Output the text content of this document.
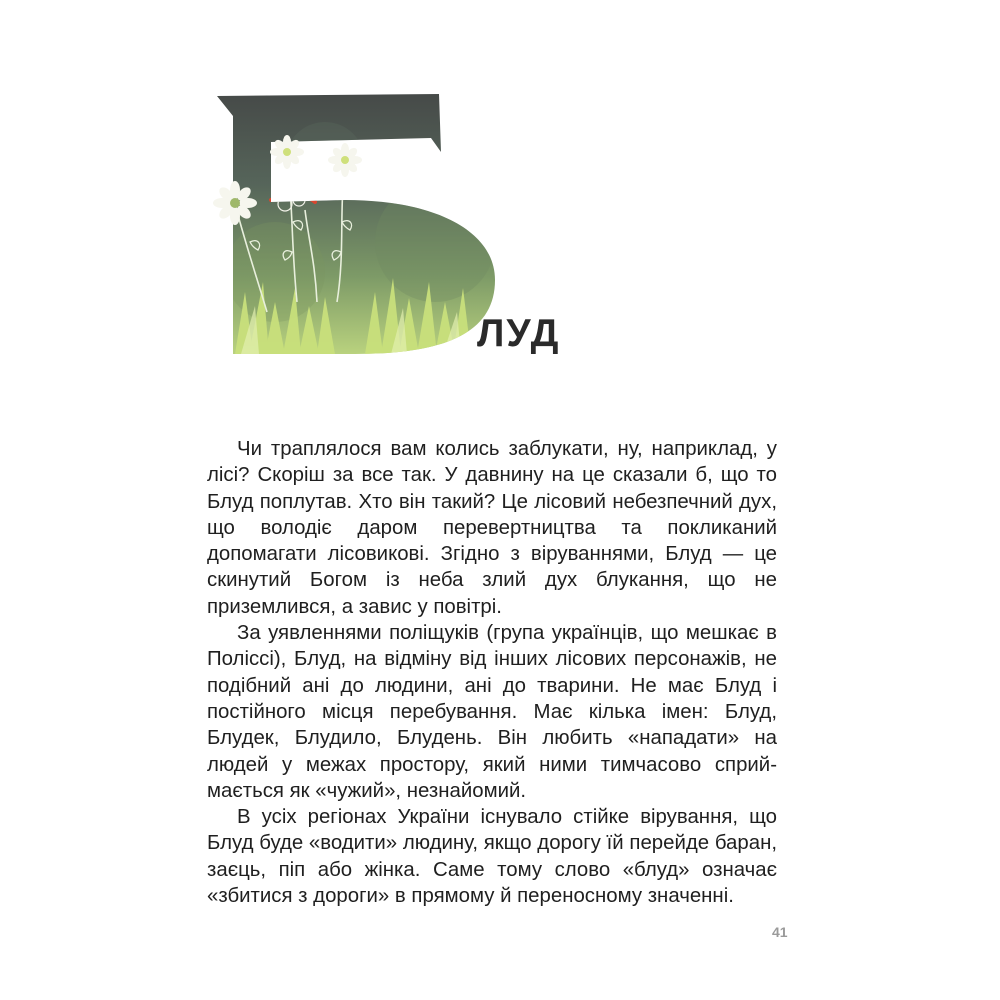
ЛУД

Чи траплялося вам колись заблукати, ну, наприклад, у лісі? Скоріш за все так. У давнину на це сказали б, що то Блуд поплутав. Хто він такий? Це лісовий небезпечний дух, що володіє даром перевертництва та покликаний допомагати лісовикові. Згідно з віруваннями, Блуд — це скинутий Богом із неба злий дух блукання, що не приземлився, а завис у повітрі.

За уявленнями поліщуків (група українців, що мешкає в Поліссі), Блуд, на відміну від інших лісових персонажів, не подібний ані до людини, ані до тварини. Не має Блуд і постійного місця перебування. Має кілька імен: Блуд, Блудек, Блудило, Блудень. Він любить «нападати» на людей у межах простору, який ними тимчасово сприймається як «чужий», незнайомий.

В усіх регіонах України існувало стійке вірування, що Блуд буде «водити» людину, якщо дорогу їй перейде баран, заєць, піп або жінка. Саме тому слово «блуд» означає «збитися з дороги» в прямому й переносному значенні.

41
